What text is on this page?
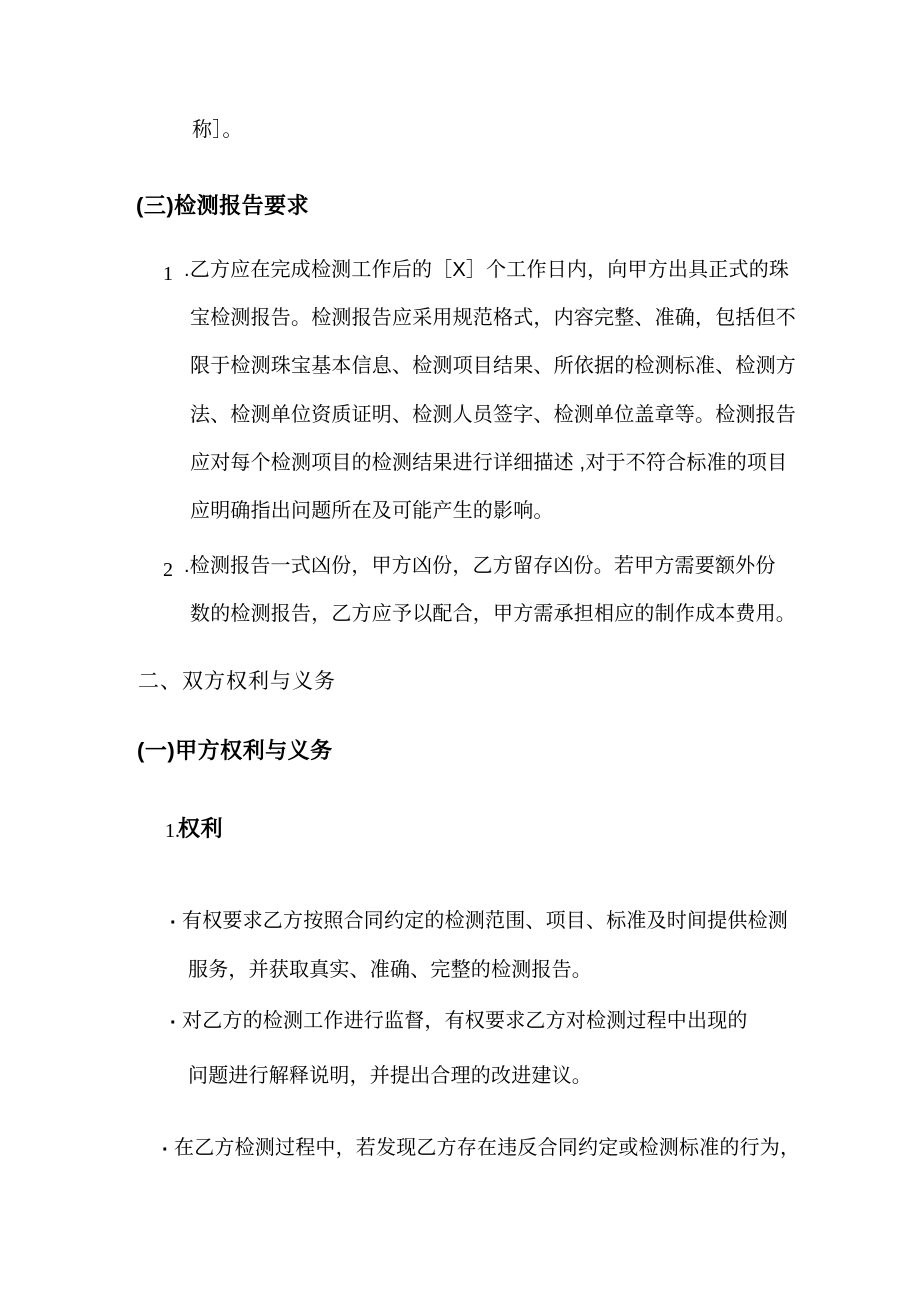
称］。
(三)检测报告要求
1 .乙方应在完成检测工作后的［X］个工作日内，向甲方出具正式的珠
宝检测报告。检测报告应采用规范格式，内容完整、准确，包括但不
限于检测珠宝基本信息、检测项目结果、所依据的检测标准、检测方
法、检测单位资质证明、检测人员签字、检测单位盖章等。检测报告
应对每个检测项目的检测结果进行详细描述 ,对于不符合标准的项目
应明确指出问题所在及可能产生的影响。
2 .检测报告一式凶份，甲方凶份，乙方留存凶份。若甲方需要额外份
数的检测报告，乙方应予以配合，甲方需承担相应的制作成本费用。
二、双方权利与义务
(一)甲方权利与义务
1.
权利
· 有权要求乙方按照合同约定的检测范围、项目、标准及时间提供检测
服务，并获取真实、准确、完整的检测报告。
· 对乙方的检测工作进行监督，有权要求乙方对检测过程中出现的
问题进行解释说明，并提出合理的改进建议。
· 在乙方检测过程中，若发现乙方存在违反合同约定或检测标准的行为，
